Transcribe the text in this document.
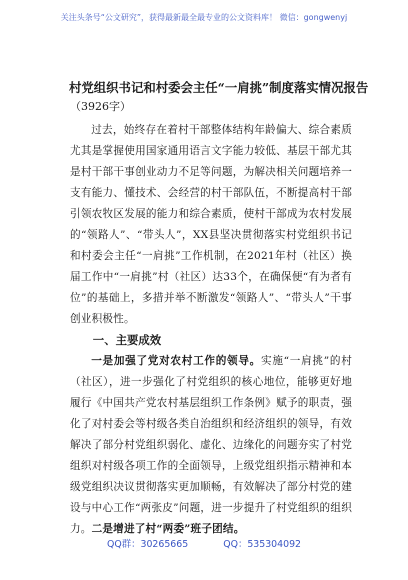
关注头条号“公文研究”，获得最新最全最专业的公文资料库！ 微信：gongwenyj
村党组织书记和村委会主任“一肩挑”制度落实情况报告
（3926字）

过去，始终存在着村干部整体结构年龄偏大、综合素质尤其是掌握使用国家通用语言文字能力较低、基层干部尤其是村干部干事创业动力不足等问题，为解决相关问题培养一支有能力、懂技术、会经营的村干部队伍，不断提高村干部引领农牧区发展的能力和综合素质，使村干部成为农村发展的“领路人”、“带头人”，XX县坚决贯彻落实村党组织书记和村委会主任“一肩挑”工作机制，在2021年村（社区）换届工作中“一肩挑”村（社区）达33个，在确保便“有为者有位”的基础上，多措并举不断激发“领路人”、“带头人”干事创业积极性。

一、主要成效

一是加强了党对农村工作的领导。实施“一肩挑”的村（社区），进一步强化了村党组织的核心地位，能够更好地履行《中国共产党农村基层组织工作条例》赋予的职责，强化了对村委会等村级各类自治组织和经济组织的领导，有效解决了部分村党组织弱化、虚化、边缘化的问题夯实了村党组织对村级各项工作的全面领导，上级党组织指示精神和本级党组织决议贯彻落实更加顺畅，有效解决了部分村党的建设与中心工作“两张皮”问题，进一步提升了村党组织的组织力。二是增进了村“两委”班子团结。

QQ群：30265665	QQ：535304092
